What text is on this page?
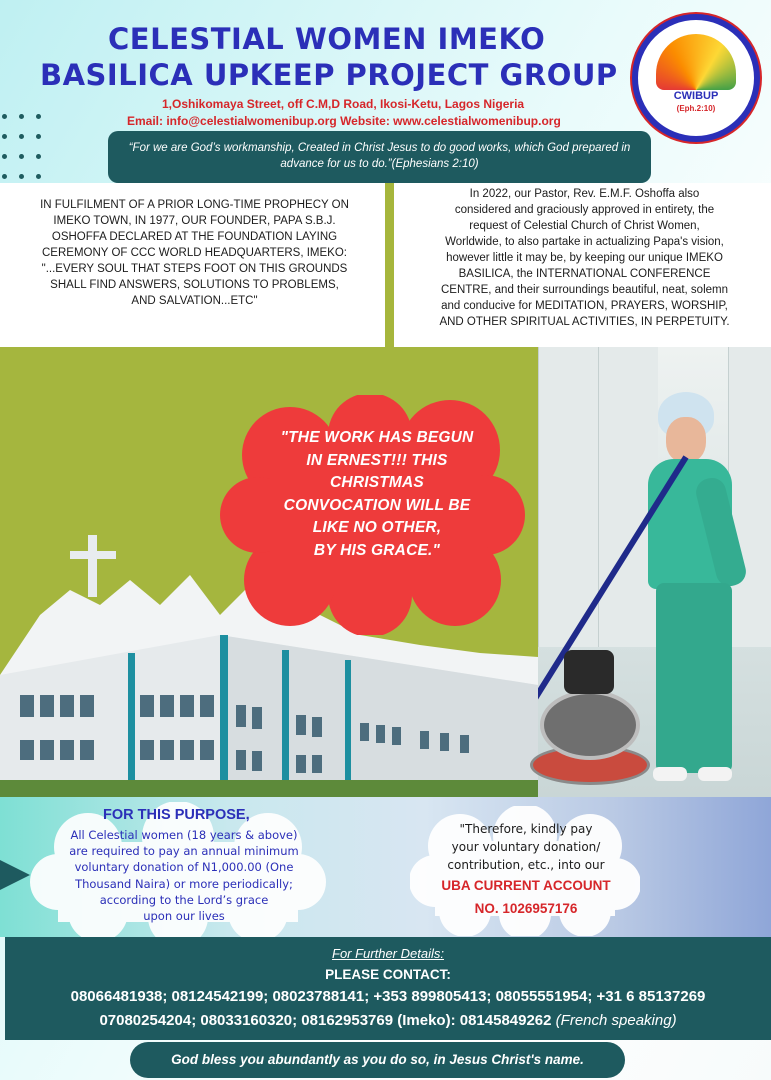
CELESTIAL WOMEN IMEKO
BASILICA UPKEEP PROJECT GROUP
1,Oshikomaya Street, off C.M,D Road, Ikosi-Ketu, Lagos Nigeria
Email: info@celestialwomenibup.org Website: www.celestialwomenibup.org
CWIBUP
(Eph.2:10)
“For we are God’s workmanship, Created in Christ Jesus to do good works, which God prepared in advance for us to do.”(Ephesians 2:10)
IN FULFILMENT OF A PRIOR LONG-TIME PROPHECY ON
IMEKO TOWN, IN 1977, OUR FOUNDER, PAPA S.B.J.
OSHOFFA DECLARED AT THE FOUNDATION LAYING
CEREMONY OF CCC WORLD HEADQUARTERS, IMEKO:
"...EVERY SOUL THAT STEPS FOOT ON THIS GROUNDS
SHALL FIND ANSWERS, SOLUTIONS TO PROBLEMS,
AND SALVATION...ETC"
In 2022, our Pastor, Rev. E.M.F. Oshoffa also
considered and graciously approved in entirety, the
request of Celestial Church of Christ Women,
Worldwide, to also partake in actualizing Papa's vision,
however little it may be, by keeping our unique IMEKO
BASILICA, the INTERNATIONAL CONFERENCE
CENTRE, and their surroundings beautiful, neat, solemn
and conducive for MEDITATION, PRAYERS, WORSHIP,
AND OTHER SPIRITUAL ACTIVITIES, IN PERPETUITY.
"THE WORK HAS BEGUN
IN ERNEST!!! THIS
CHRISTMAS
CONVOCATION WILL BE
LIKE NO OTHER,
BY HIS GRACE."
FOR THIS PURPOSE,
All Celestial women (18 years & above)
are required to pay an annual minimum
voluntary donation of N1,000.00 (One
Thousand Naira) or more periodically;
according to the Lord’s grace
upon our lives
"Therefore, kindly pay
your voluntary donation/
contribution, etc., into our
UBA CURRENT ACCOUNT
NO. 1026957176
For Further Details:
PLEASE CONTACT:
08066481938; 08124542199; 08023788141; +353 899805413; 08055551954; +31 6 85137269
07080254204; 08033160320; 08162953769 (Imeko): 08145849262 (French speaking)
God bless you abundantly as you do so, in Jesus Christ's name.
